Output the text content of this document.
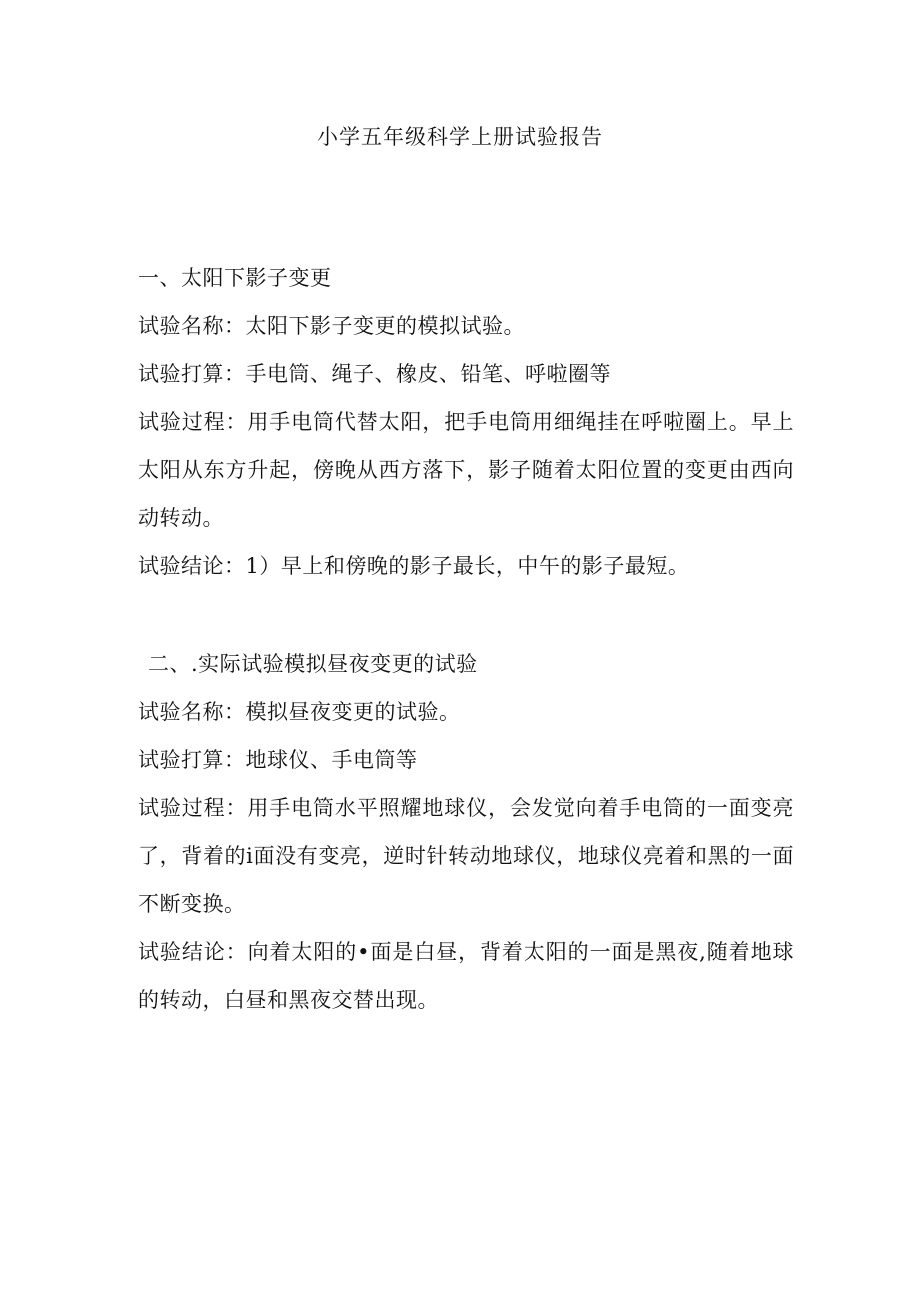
小学五年级科学上册试验报告
一、太阳下影子变更
试验名称：太阳下影子变更的模拟试验。
试验打算：手电筒、绳子、橡皮、铅笔、呼啦圈等
试验过程：用手电筒代替太阳，把手电筒用细绳挂在呼啦圈上。早上太阳从东方升起，傍晚从西方落下，影子随着太阳位置的变更由西向动转动。
试验结论：1）早上和傍晚的影子最长，中午的影子最短。
二、.实际试验模拟昼夜变更的试验
试验名称：模拟昼夜变更的试验。
试验打算：地球仪、手电筒等
试验过程：用手电筒水平照耀地球仪，会发觉向着手电筒的一面变亮了，背着的i面没有变亮，逆时针转动地球仪，地球仪亮着和黑的一面不断变换。
试验结论：向着太阳的•面是白昼，背着太阳的一面是黑夜,随着地球的转动，白昼和黑夜交替出现。
